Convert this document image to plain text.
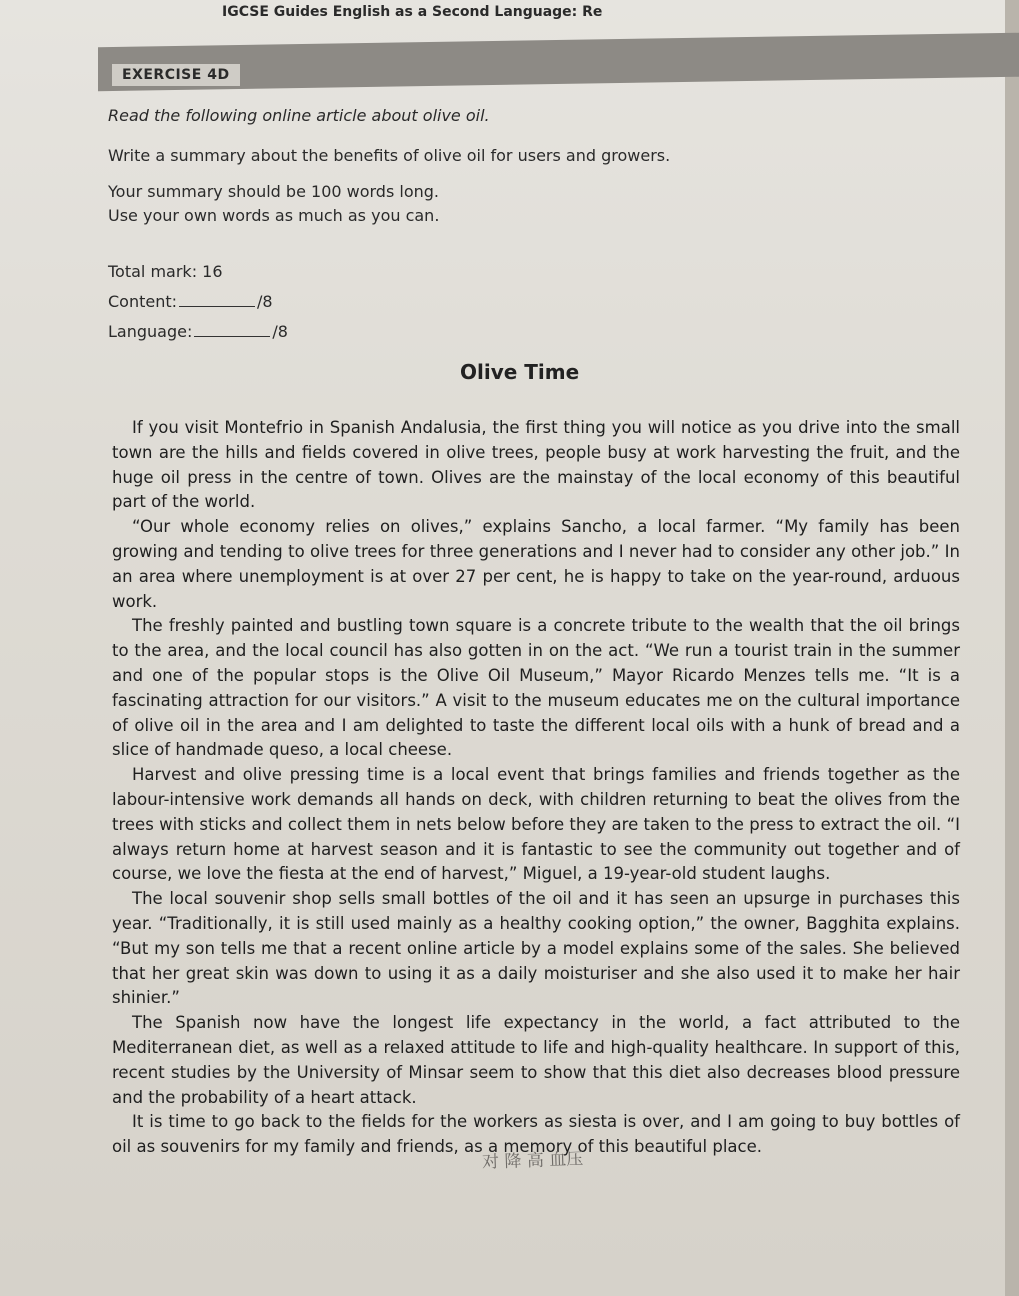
IGCSE Guides English as a Second Language: Re
EXERCISE 4D
Read the following online article about olive oil.
Write a summary about the benefits of olive oil for users and growers.
Your summary should be 100 words long.
Use your own words as much as you can.
Total mark: 16
Content:	/8
Language:	/8
Olive Time

If you visit Montefrio in Spanish Andalusia, the first thing you will notice as you drive into the small town are the hills and fields covered in olive trees, people busy at work harvesting the fruit, and the huge oil press in the centre of town. Olives are the mainstay of the local economy of this beautiful part of the world.

“Our whole economy relies on olives,” explains Sancho, a local farmer. “My family has been growing and tending to olive trees for three generations and I never had to consider any other job.” In an area where unemployment is at over 27 per cent, he is happy to take on the year-round, arduous work.

The freshly painted and bustling town square is a concrete tribute to the wealth that the oil brings to the area, and the local council has also gotten in on the act. “We run a tourist train in the summer and one of the popular stops is the Olive Oil Museum,” Mayor Ricardo Menzes tells me. “It is a fascinating attraction for our visitors.” A visit to the museum educates me on the cultural importance of olive oil in the area and I am delighted to taste the different local oils with a hunk of bread and a slice of handmade queso, a local cheese.

Harvest and olive pressing time is a local event that brings families and friends together as the labour-intensive work demands all hands on deck, with children returning to beat the olives from the trees with sticks and collect them in nets below before they are taken to the press to extract the oil. “I always return home at harvest season and it is fantastic to see the community out together and of course, we love the fiesta at the end of harvest,” Miguel, a 19-year-old student laughs.

The local souvenir shop sells small bottles of the oil and it has seen an upsurge in purchases this year. “Traditionally, it is still used mainly as a healthy cooking option,” the owner, Bagghita explains. “But my son tells me that a recent online article by a model explains some of the sales. She believed that her great skin was down to using it as a daily moisturiser and she also used it to make her hair shinier.”

The Spanish now have the longest life expectancy in the world, a fact attributed to the Mediterranean diet, as well as a relaxed attitude to life and high-quality healthcare. In support of this, recent studies by the University of Minsar seem to show that this diet also decreases blood pressure and the probability of a heart attack.

It is time to go back to the fields for the workers as siesta is over, and I am going to buy bottles of oil as souvenirs for my family and friends, as a memory of this beautiful place.

对 降 高 血压
